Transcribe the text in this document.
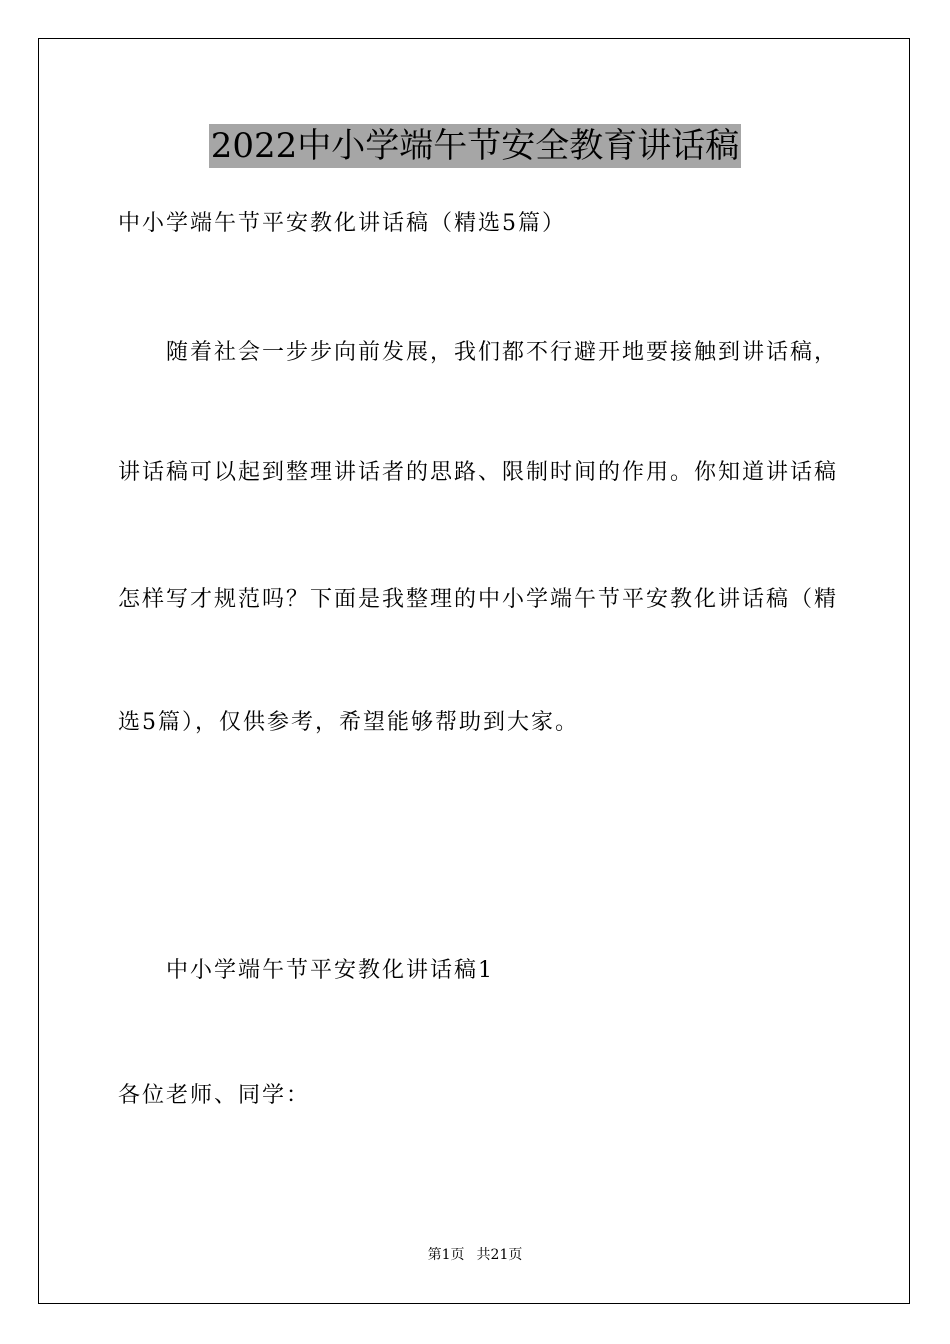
2022中小学端午节安全教育讲话稿
中小学端午节平安教化讲话稿（精选5篇）
随着社会一步步向前发展，我们都不行避开地要接触到讲话稿，
讲话稿可以起到整理讲话者的思路、限制时间的作用。你知道讲话稿
怎样写才规范吗？下面是我整理的中小学端午节平安教化讲话稿（精
选5篇），仅供参考，希望能够帮助到大家。
中小学端午节平安教化讲话稿1
各位老师、同学：
第1页 共21页
